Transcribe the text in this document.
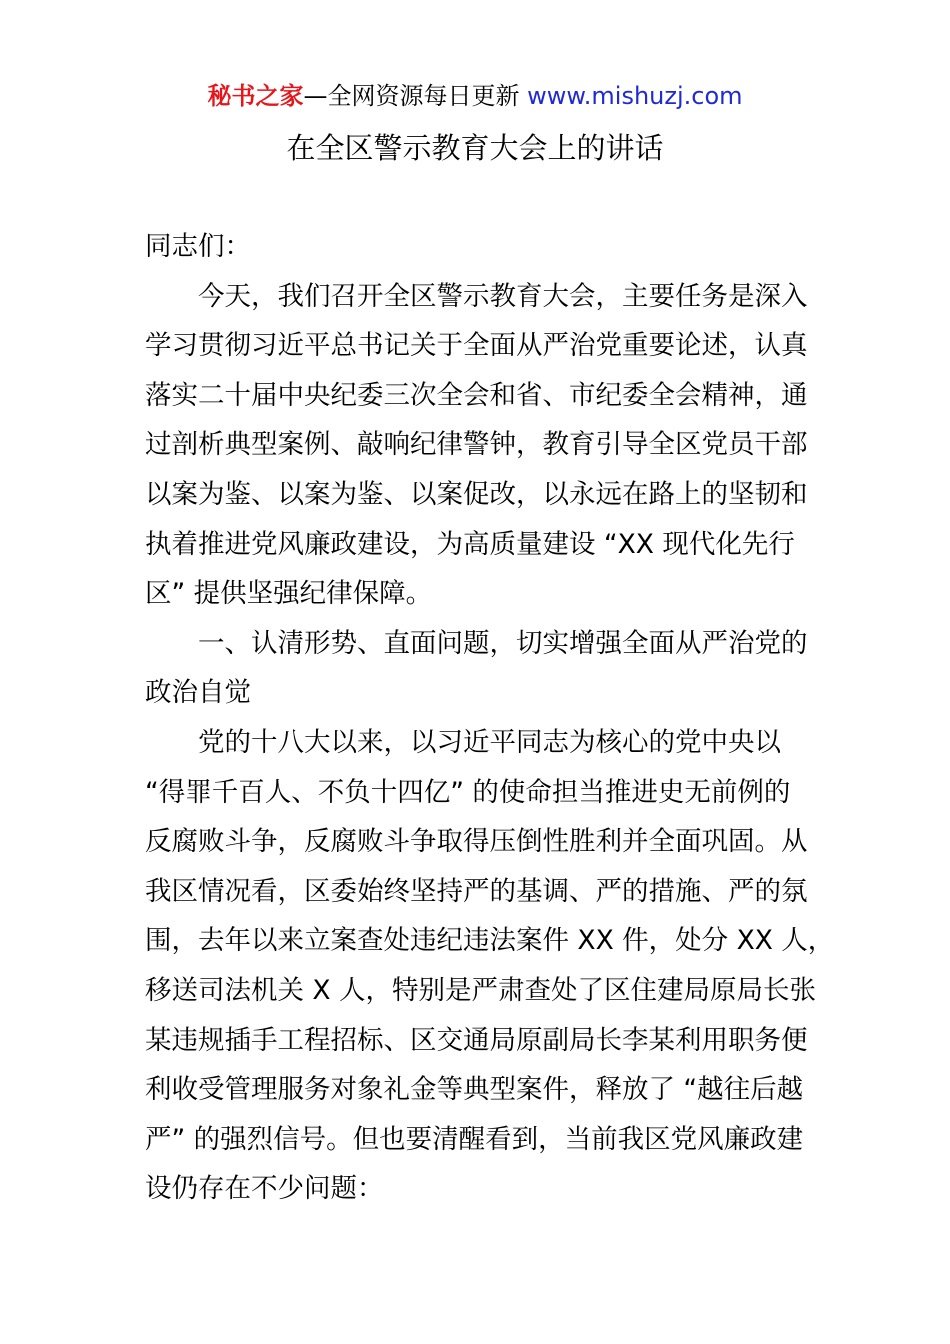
秘书之家—全网资源每日更新 www.mishuzj.com
在全区警示教育大会上的讲话

同志们：

今天，我们召开全区警示教育大会，主要任务是深入
学习贯彻习近平总书记关于全面从严治党重要论述，认真
落实二十届中央纪委三次全会和省、市纪委全会精神，通
过剖析典型案例、敲响纪律警钟，教育引导全区党员干部
以案为鉴、以案为鉴、以案促改，以永远在路上的坚韧和
执着推进党风廉政建设，为高质量建设 “XX 现代化先行
区” 提供坚强纪律保障。

一、认清形势、直面问题，切实增强全面从严治党的
政治自觉

党的十八大以来，以习近平同志为核心的党中央以
“得罪千百人、不负十四亿” 的使命担当推进史无前例的
反腐败斗争，反腐败斗争取得压倒性胜利并全面巩固。从
我区情况看，区委始终坚持严的基调、严的措施、严的氛
围，去年以来立案查处违纪违法案件 XX 件，处分 XX 人，
移送司法机关 X 人，特别是严肃查处了区住建局原局长张
某违规插手工程招标、区交通局原副局长李某利用职务便
利收受管理服务对象礼金等典型案件，释放了 “越往后越
严” 的强烈信号。但也要清醒看到，当前我区党风廉政建
设仍存在不少问题：
